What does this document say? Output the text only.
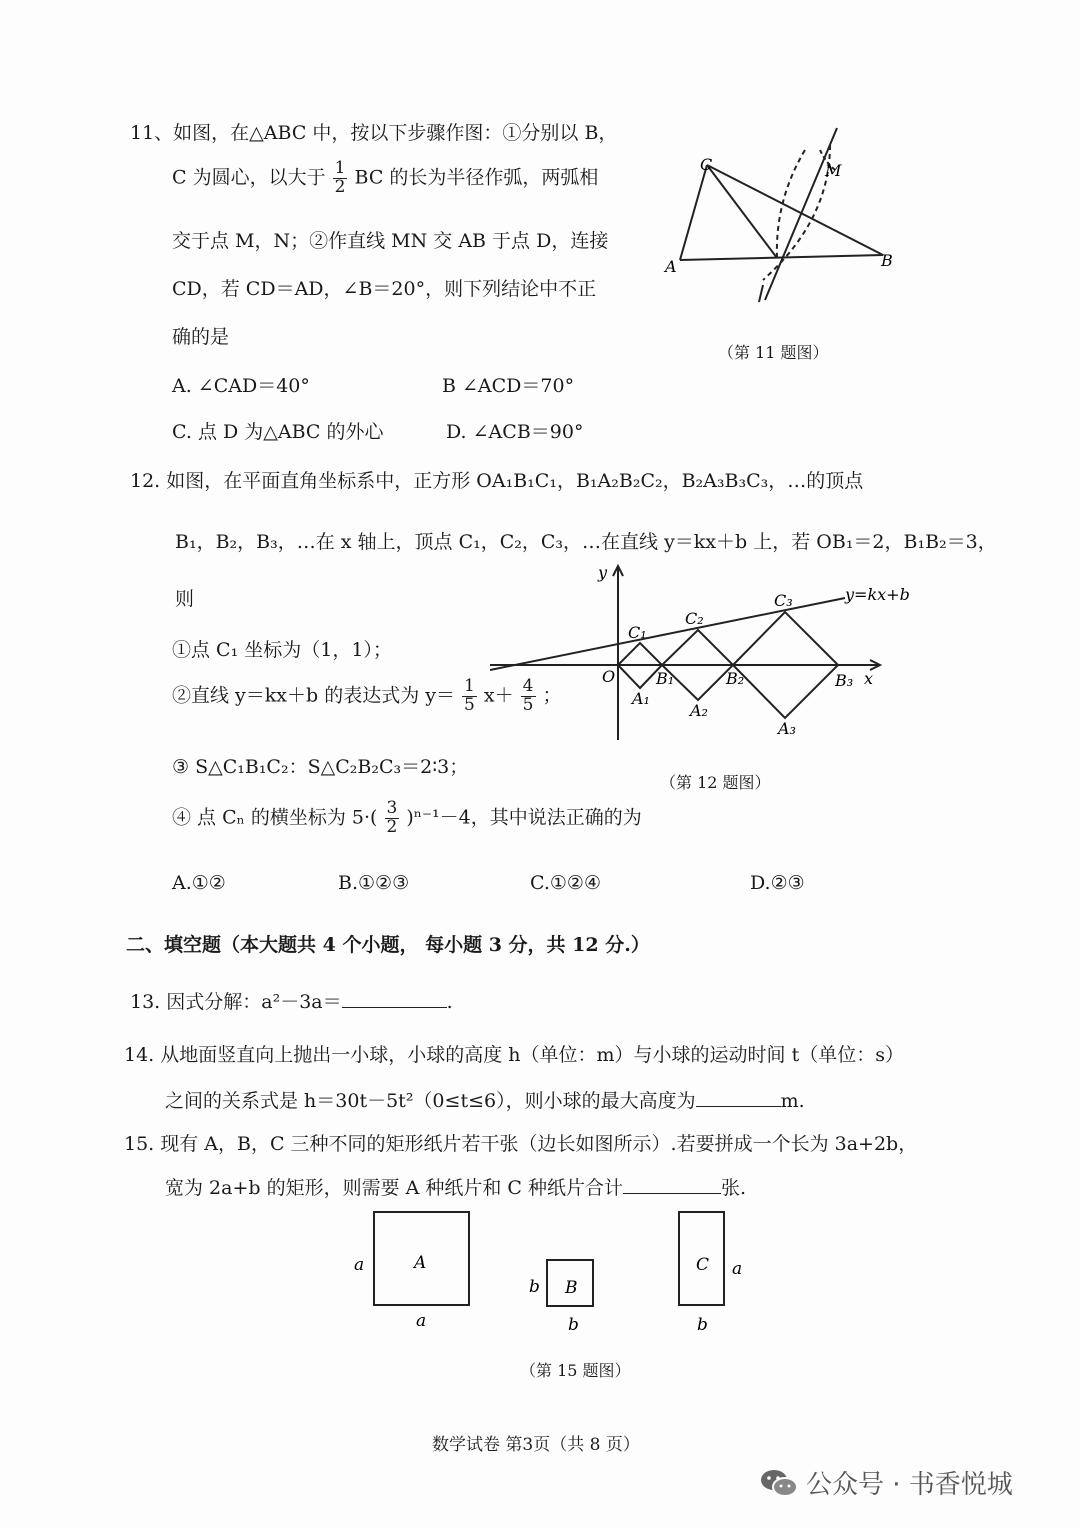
11、如图，在△ABC 中，按以下步骤作图：①分别以 B，
C 为圆心，以大于 $\frac{1}{2}$ BC 的长为半径作弧，两弧相
交于点 M，N；②作直线 MN 交 AB 于点 D，连接
CD，若 CD＝AD，∠B＝20°，则下列结论中不正
确的是
A. ∠CAD＝40°	B ∠ACD＝70°
C. 点 D 为△ABC 的外心	D. ∠ACB＝90°
C	M
A	B
（第 11 题图）
12. 如图，在平面直角坐标系中，正方形 OA₁B₁C₁，B₁A₂B₂C₂，B₂A₃B₃C₃，…的顶点
B₁，B₂，B₃，…在 x 轴上，顶点 C₁，C₂，C₃，…在直线 y＝kx＋b 上，若 OB₁＝2，B₁B₂＝3，
则
①点 C₁ 坐标为（1，1）；
②直线 y＝kx＋b 的表达式为 $y= \frac{1}{5} x+ \frac{4}{5}$ ；
③ S△C₁B₁C₂：S△C₂B₂C₃＝2∶3；
④ 点 Cₙ 的横坐标为 $5\cdot( \frac{3}{2} )^{n-1}-4$，其中说法正确的为
A.①②	B.①②③	C.①②④	D.②③
y
x
O
y=kx+b
C₁
C₂
C₃
B₁	B₂	B₃
A₁
A₂
A₃
（第 12 题图）
二、填空题（本大题共 4 个小题， 每小题 3 分，共 12 分.）
13. 因式分解：a²－3a＝	.
14. 从地面竖直向上抛出一小球，小球的高度 h（单位：m）与小球的运动时间 t（单位：s）
之间的关系式是 h＝30t－5t²（0≤t≤6），则小球的最大高度为	m.
15. 现有 A，B，C 三种不同的矩形纸片若干张（边长如图所示）.若要拼成一个长为 3a+2b，
宽为 2a+b 的矩形，则需要 A 种纸片和 C 种纸片合计	张.
A
a
a
B
b
b
C a
b
（第 15 题图）
数学试卷 第3页（共 8 页）
公众号 · 书香悦城
